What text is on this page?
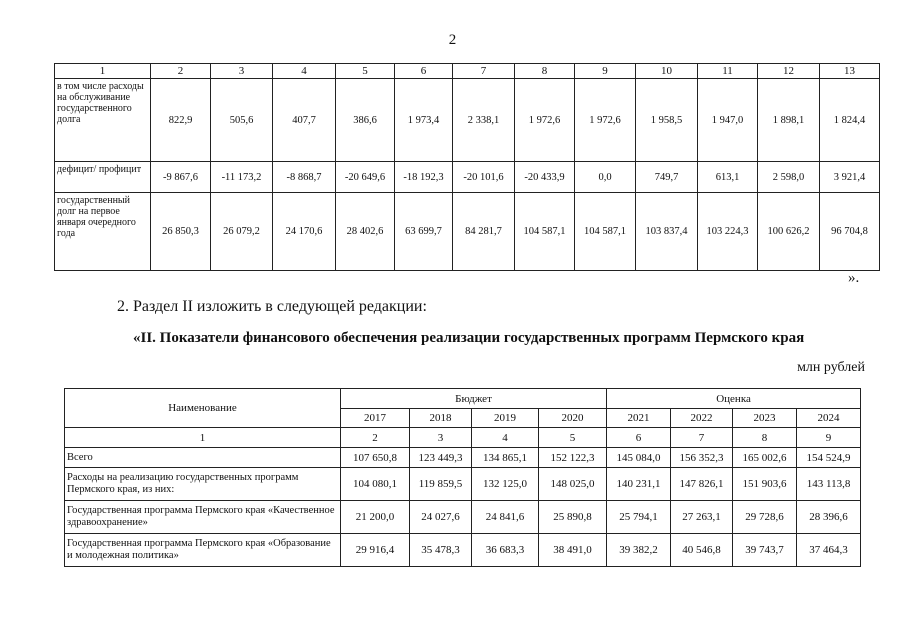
2
1	2	3	4	5	6	7	8	9	10	11	12	13
в том числе расходы на обслуживание государственного долга	822,9	505,6	407,7	386,6	1 973,4	2 338,1	1 972,6	1 972,6	1 958,5	1 947,0	1 898,1	1 824,4
дефицит/ профицит	-9 867,6	-11 173,2	-8 868,7	-20 649,6	-18 192,3	-20 101,6	-20 433,9	0,0	749,7	613,1	2 598,0	3 921,4
государственный долг на первое января очередного года	26 850,3	26 079,2	24 170,6	28 402,6	63 699,7	84 281,7	104 587,1	104 587,1	103 837,4	103 224,3	100 626,2	96 704,8
».
2. Раздел II изложить в следующей редакции:
«II. Показатели финансового обеспечения реализации государственных программ Пермского края
млн рублей
Наименование	Бюджет				Оценка			
	2017	2018	2019	2020	2021	2022	2023	2024
1	2	3	4	5	6	7	8	9
Всего	107 650,8	123 449,3	134 865,1	152 122,3	145 084,0	156 352,3	165 002,6	154 524,9
Расходы на реализацию государственных программ Пермского края, из них:	104 080,1	119 859,5	132 125,0	148 025,0	140 231,1	147 826,1	151 903,6	143 113,8
Государственная программа Пермского края «Качественное здравоохранение»	21 200,0	24 027,6	24 841,6	25 890,8	25 794,1	27 263,1	29 728,6	28 396,6
Государственная программа Пермского края «Образование и молодежная политика»	29 916,4	35 478,3	36 683,3	38 491,0	39 382,2	40 546,8	39 743,7	37 464,3
